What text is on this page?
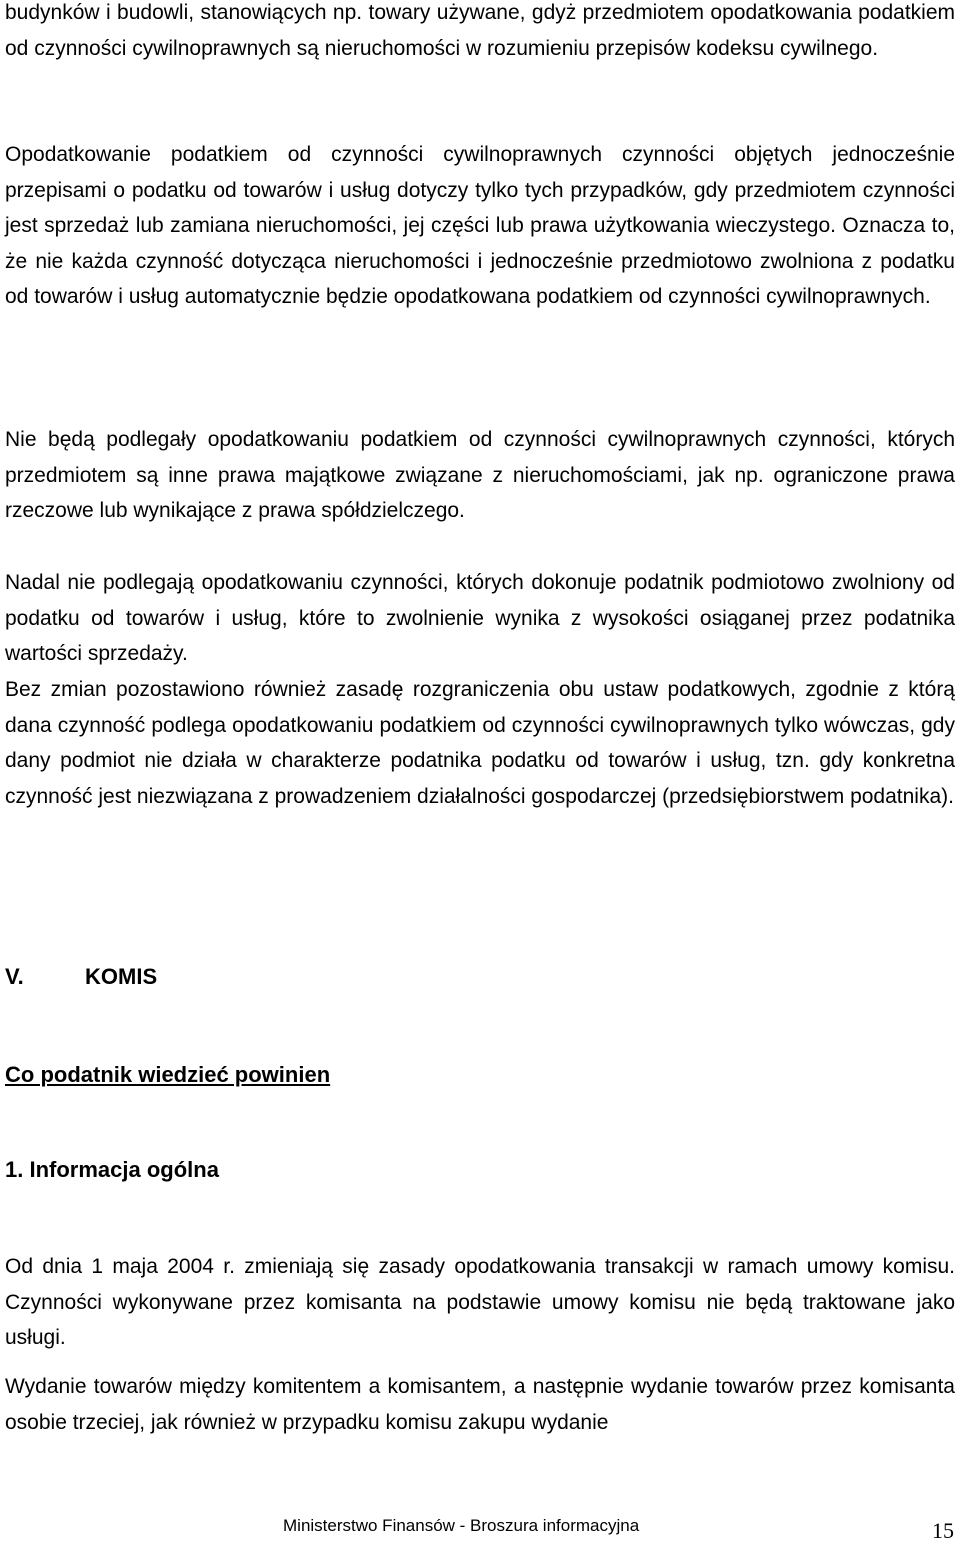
budynków i budowli, stanowiących np. towary używane, gdyż przedmiotem opodatkowania podatkiem od czynności cywilnoprawnych są nieruchomości w rozumieniu przepisów kodeksu cywilnego.

Opodatkowanie podatkiem od czynności cywilnoprawnych czynności objętych jednocześnie przepisami o podatku od towarów i usług dotyczy tylko tych przypadków, gdy przedmiotem czynności jest sprzedaż lub zamiana nieruchomości, jej części lub prawa użytkowania wieczystego. Oznacza to, że nie każda czynność dotycząca nieruchomości i jednocześnie przedmiotowo zwolniona z podatku od towarów i usług automatycznie będzie opodatkowana podatkiem od czynności cywilnoprawnych.

Nie będą podlegały opodatkowaniu podatkiem od czynności cywilnoprawnych czynności, których przedmiotem są inne prawa majątkowe związane z nieruchomościami, jak np. ograniczone prawa rzeczowe lub wynikające z prawa spółdzielczego.

Nadal nie podlegają opodatkowaniu czynności, których dokonuje podatnik podmiotowo zwolniony od podatku od towarów i usług, które to zwolnienie wynika z wysokości osiąganej przez podatnika wartości sprzedaży.

Bez zmian pozostawiono również zasadę rozgraniczenia obu ustaw podatkowych, zgodnie z którą dana czynność podlega opodatkowaniu podatkiem od czynności cywilnoprawnych tylko wówczas, gdy dany podmiot nie działa w charakterze podatnika podatku od towarów i usług, tzn. gdy konkretna czynność jest niezwiązana z prowadzeniem działalności gospodarczej (przedsiębiorstwem podatnika).

V.	KOMIS
Co podatnik wiedzieć powinien
1. Informacja ogólna

Od dnia 1 maja 2004 r. zmieniają się zasady opodatkowania transakcji w ramach umowy komisu. Czynności wykonywane przez komisanta na podstawie umowy komisu nie będą traktowane jako usługi.

Wydanie towarów między komitentem a komisantem, a następnie wydanie towarów przez komisanta osobie trzeciej, jak również w przypadku komisu zakupu wydanie

Ministerstwo Finansów - Broszura informacyjna	15
